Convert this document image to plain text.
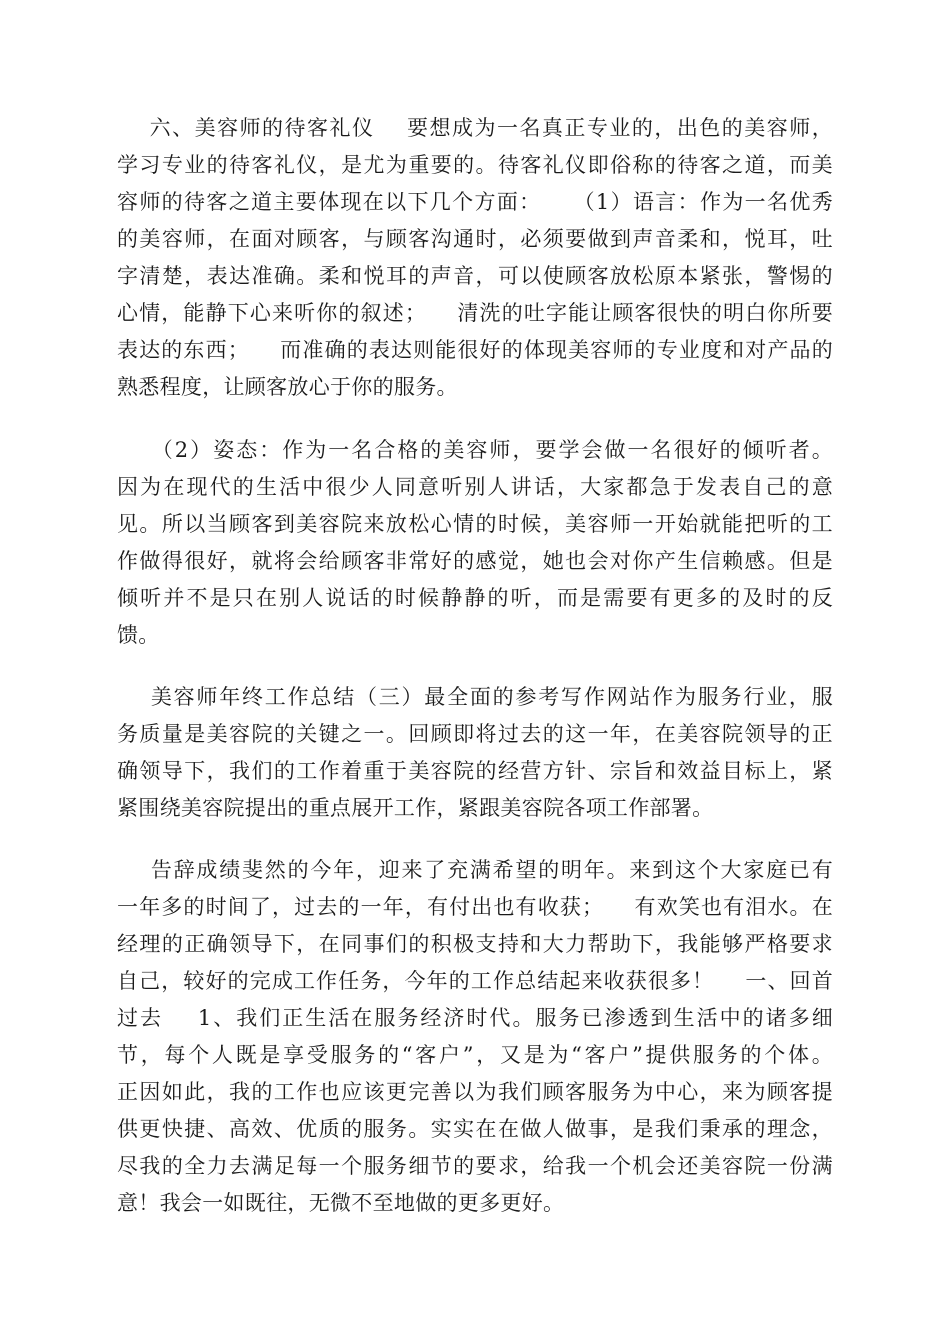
六、美容师的待客礼仪    要想成为一名真正专业的，出色的美容师，
学习专业的待客礼仪，是尤为重要的。待客礼仪即俗称的待客之道，而美
容师的待客之道主要体现在以下几个方面：    （1）语言：作为一名优秀
的美容师，在面对顾客，与顾客沟通时，必须要做到声音柔和，悦耳，吐
字清楚，表达准确。柔和悦耳的声音，可以使顾客放松原本紧张，警惕的
心情，能静下心来听你的叙述；    清洗的吐字能让顾客很快的明白你所要
表达的东西；    而准确的表达则能很好的体现美容师的专业度和对产品的
熟悉程度，让顾客放心于你的服务。
（2）姿态：作为一名合格的美容师，要学会做一名很好的倾听者。
因为在现代的生活中很少人同意听别人讲话，大家都急于发表自己的意
见。所以当顾客到美容院来放松心情的时候，美容师一开始就能把听的工
作做得很好，就将会给顾客非常好的感觉，她也会对你产生信赖感。但是
倾听并不是只在别人说话的时候静静的听，而是需要有更多的及时的反
馈。
美容师年终工作总结（三）最全面的参考写作网站作为服务行业，服
务质量是美容院的关键之一。回顾即将过去的这一年，在美容院领导的正
确领导下，我们的工作着重于美容院的经营方针、宗旨和效益目标上，紧
紧围绕美容院提出的重点展开工作，紧跟美容院各项工作部署。
告辞成绩斐然的今年，迎来了充满希望的明年。来到这个大家庭已有
一年多的时间了，过去的一年，有付出也有收获；    有欢笑也有泪水。在
经理的正确领导下，在同事们的积极支持和大力帮助下，我能够严格要求
自己，较好的完成工作任务，今年的工作总结起来收获很多！    一、回首
过去    1、我们正生活在服务经济时代。服务已渗透到生活中的诸多细
节，每个人既是享受服务的“客户”，又是为“客户”提供服务的个体。
正因如此，我的工作也应该更完善以为我们顾客服务为中心，来为顾客提
供更快捷、高效、优质的服务。实实在在做人做事，是我们秉承的理念，
尽我的全力去满足每一个服务细节的要求，给我一个机会还美容院一份满
意！我会一如既往，无微不至地做的更多更好。
